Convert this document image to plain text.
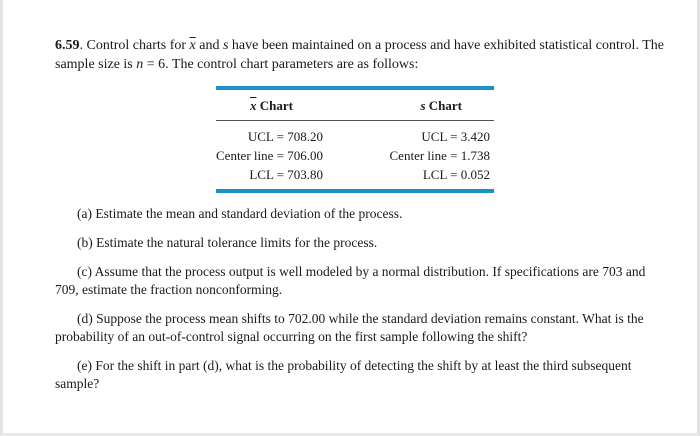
6.59. Control charts for $\overline{x}$ and s have been maintained on a process and have exhibited statistical control. The sample size is n = 6. The control chart parameters are as follows:
$\overline{x}$ Chart	s Chart
UCL = 708.20
Center line = 706.00
LCL = 703.80
UCL = 3.420
Center line = 1.738
LCL = 0.052
(a) Estimate the mean and standard deviation of the process.
(b) Estimate the natural tolerance limits for the process.
(c) Assume that the process output is well modeled by a normal distribution. If specifications are 703 and 709, estimate the fraction nonconforming.
(d) Suppose the process mean shifts to 702.00 while the standard deviation remains constant. What is the probability of an out-of-control signal occurring on the first sample following the shift?
(e) For the shift in part (d), what is the probability of detecting the shift by at least the third subsequent sample?
